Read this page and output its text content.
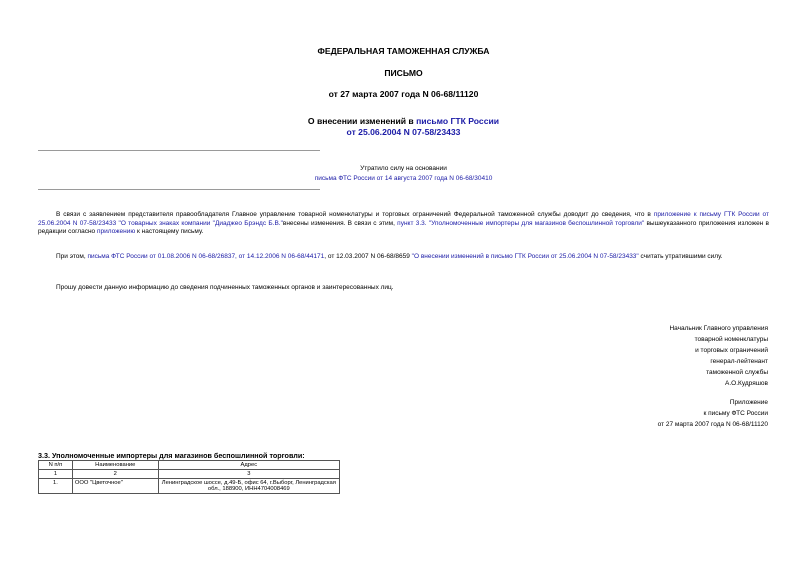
ФЕДЕРАЛЬНАЯ ТАМОЖЕННАЯ СЛУЖБА
ПИСЬМО
от 27 марта 2007 года N 06-68/11120
О внесении изменений в письмо ГТК России
от 25.06.2004 N 07-58/23433
Утратило силу на основании
письма ФТС России от 14 августа 2007 года N 06-68/30410
В связи с заявлением представителя правообладателя Главное управление товарной номенклатуры и торговых ограничений Федеральной таможенной службы доводит до сведения, что в приложение к письму ГТК России от 25.06.2004 N 07-58/23433 "О товарных знаках компании "Диаджео Брэндс Б.В."внесены изменения. В связи с этим, пункт 3.3. "Уполномоченные импортеры для магазинов беспошлинной торговли" вышеуказанного приложения изложен в редакции согласно приложению к настоящему письму.
При этом, письма ФТС России от 01.08.2006 N 06-68/26837, от 14.12.2006 N 06-68/44171, от 12.03.2007 N 06-68/8659 "О внесении изменений в письмо ГТК России от 25.06.2004 N 07-58/23433" считать утратившими силу.
Прошу довести данную информацию до сведения подчиненных таможенных органов и заинтересованных лиц.
Начальник Главного управления
товарной номенклатуры
и торговых ограничений
генерал-лейтенант
таможенной службы
А.О.Кудряшов
Приложение
к письму ФТС России
от 27 марта 2007 года N 06-68/11120
3.3. Уполномоченные импортеры для магазинов беспошлинной торговли:
N п/п	Наименование	Адрес
1	2	3
1.	ООО "Цветочное"	Ленинградское шоссе, д.49-Б, офис 64, г.Выборг, Ленинградская обл., 188900, ИНН4704008469
